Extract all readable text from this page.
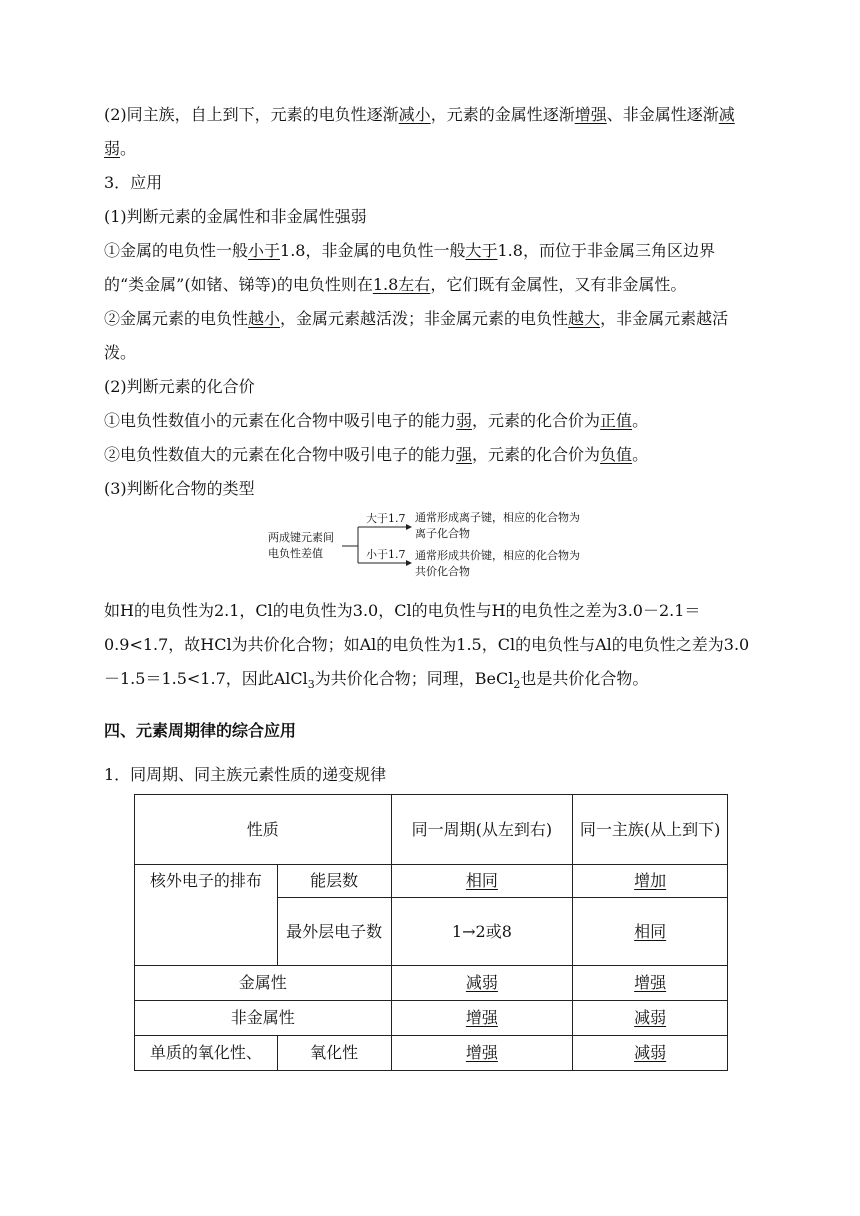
(2)同主族，自上到下，元素的电负性逐渐减小，元素的金属性逐渐增强、非金属性逐渐减弱。

3．应用

(1)判断元素的金属性和非金属性强弱

①金属的电负性一般小于1.8，非金属的电负性一般大于1.8，而位于非金属三角区边界的“类金属”(如锗、锑等)的电负性则在1.8左右，它们既有金属性，又有非金属性。

②金属元素的电负性越小，金属元素越活泼；非金属元素的电负性越大，非金属元素越活泼。

(2)判断元素的化合价

①电负性数值小的元素在化合物中吸引电子的能力弱，元素的化合价为正值。

②电负性数值大的元素在化合物中吸引电子的能力强，元素的化合价为负值。

(3)判断化合物的类型

两成键元素间
电负性差值
大于1.7
小于1.7
通常形成离子键，相应的化合物为
离子化合物
通常形成共价键，相应的化合物为
共价化合物

如H的电负性为2.1，Cl的电负性为3.0，Cl的电负性与H的电负性之差为3.0－2.1＝0.9<1.7，故HCl为共价化合物；如Al的电负性为1.5，Cl的电负性与Al的电负性之差为3.0－1.5＝1.5<1.7，因此AlCl$_3$为共价化合物；同理，BeCl$_2$也是共价化合物。

四、元素周期律的综合应用

1．同周期、同主族元素性质的递变规律

性质		同一周期(从左到右)	同一主族(从上到下)
核外电子的排布	能层数	相同	增加
	最外层电子数	1→2或8	相同
金属性		减弱	增强
非金属性		增强	减弱
单质的氧化性、	氧化性	增强	减弱
